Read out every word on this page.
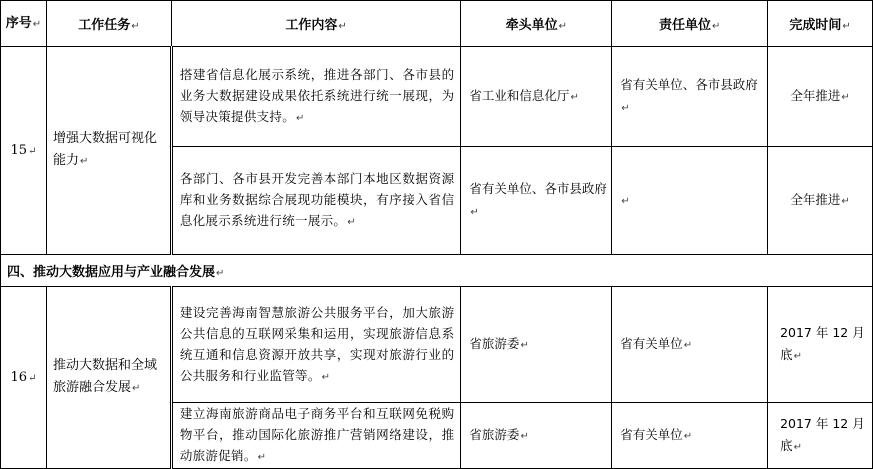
序号↵	工作任务↵	工作内容↵	牵头单位↵	责任单位↵	完成时间↵
15↵	增强大数据可视化能力↵	搭建省信息化展示系统，推进各部门、各市县的业务大数据建设成果依托系统进行统一展现，为领导决策提供支持。↵	省工业和信息化厅↵	省有关单位、各市县政府↵	全年推进↵
		各部门、各市县开发完善本部门本地区数据资源库和业务数据综合展现功能模块，有序接入省信息化展示系统进行统一展示。↵	省有关单位、各市县政府↵	↵	全年推进↵
四、推动大数据应用与产业融合发展↵					
16↵	推动大数据和全域旅游融合发展↵	建设完善海南智慧旅游公共服务平台，加大旅游公共信息的互联网采集和运用，实现旅游信息系统互通和信息资源开放共享，实现对旅游行业的公共服务和行业监管等。↵	省旅游委↵	省有关单位↵	2017 年 12 月底↵
		建立海南旅游商品电子商务平台和互联网免税购物平台，推动国际化旅游推广营销网络建设，推动旅游促销。↵	省旅游委↵	省有关单位↵	2017 年 12 月底↵
